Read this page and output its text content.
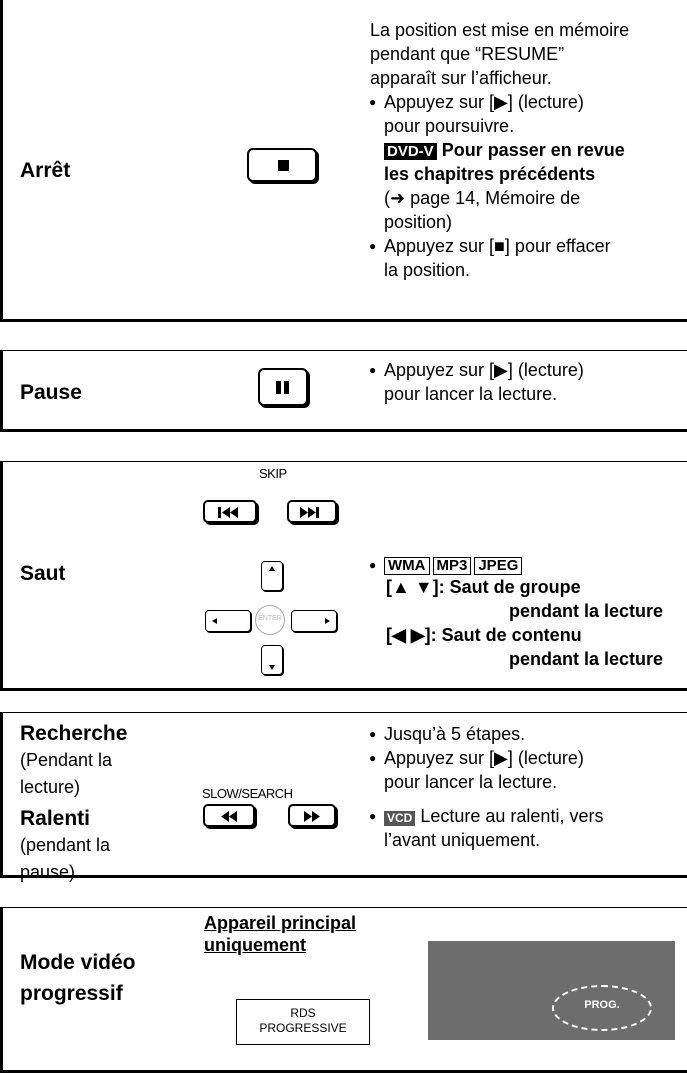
Arrêt
La position est mise en mémoire
pendant que “RESUME”
apparaît sur l’afficheur.
● Appuyez sur [▶] (lecture)
pour poursuivre.
DVD-V Pour passer en revue
les chapitres précédents
(➜ page 14, Mémoire de
position)
● Appuyez sur [■] pour effacer
la position.
Pause
● Appuyez sur [▶] (lecture)
pour lancer la lecture.
Saut
SKIP
ENTER
● WMA MP3 JPEG
[▲ ▼]: Saut de groupe
pendant la lecture
[◀ ▶]: Saut de contenu
pendant la lecture
Recherche
(Pendant la
lecture)
Ralenti
(pendant la
pause)
SLOW/SEARCH
● Jusqu’à 5 étapes.
● Appuyez sur [▶] (lecture)
pour lancer la lecture.
● VCD Lecture au ralenti, vers
l’avant uniquement.
Mode vidéo
progressif
Appareil principal
uniquement
RDS
PROGRESSIVE
PROG.
